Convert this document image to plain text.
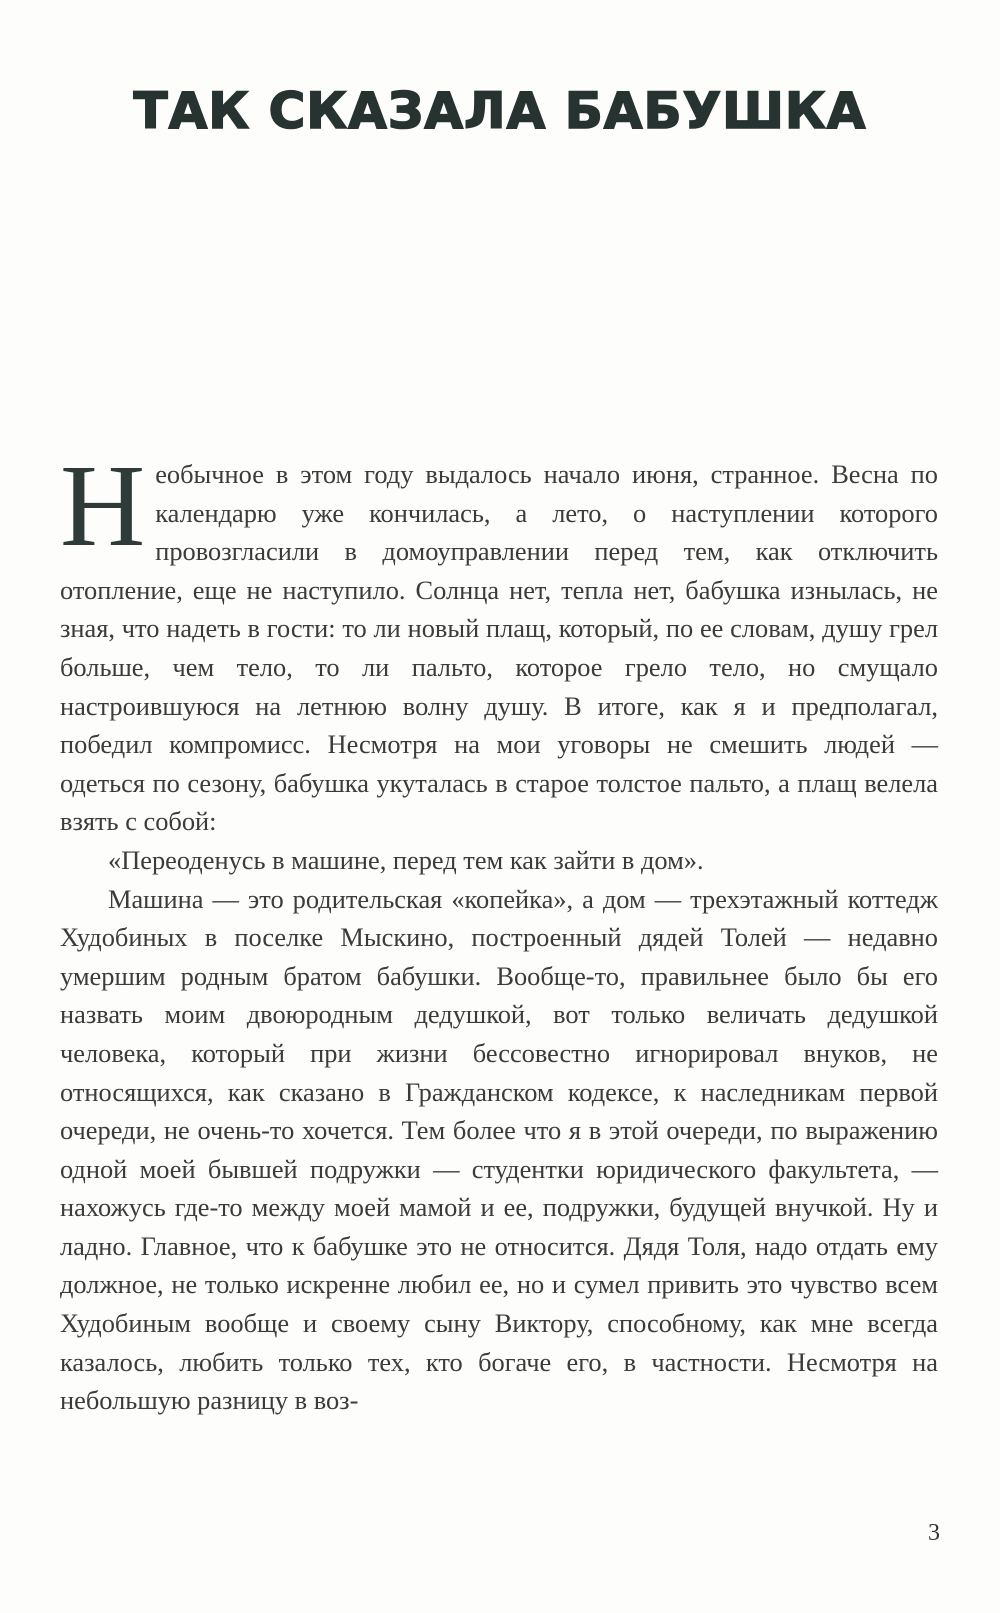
ТАК СКАЗАЛА БАБУШКА

Необычное в этом году выдалось начало июня, странное. Весна по календарю уже кончилась, а лето, о наступлении которого провозгласили в домоуправлении перед тем, как отключить отопление, еще не наступило. Солнца нет, тепла нет, бабушка изнылась, не зная, что надеть в гости: то ли новый плащ, который, по ее словам, душу грел больше, чем тело, то ли пальто, которое грело тело, но смущало настроившуюся на летнюю волну душу. В итоге, как я и предполагал, победил компромисс. Несмотря на мои уговоры не смешить людей — одеться по сезону, бабушка укуталась в старое толстое пальто, а плащ велела взять с собой:

«Переоденусь в машине, перед тем как зайти в дом».

Машина — это родительская «копейка», а дом — трехэтажный коттедж Худобиных в поселке Мыскино, построенный дядей Толей — недавно умершим родным братом бабушки. Вообще-то, правильнее было бы его назвать моим двоюродным дедушкой, вот только величать дедушкой человека, который при жизни бессовестно игнорировал внуков, не относящихся, как сказано в Гражданском кодексе, к наследникам первой очереди, не очень-то хочется. Тем более что я в этой очереди, по выражению одной моей бывшей подружки — студентки юридического факультета, — нахожусь где-то между моей мамой и ее, подружки, будущей внучкой. Ну и ладно. Главное, что к бабушке это не относится. Дядя Толя, надо отдать ему должное, не только искренне любил ее, но и сумел привить это чувство всем Худобиным вообще и своему сыну Виктору, способному, как мне всегда казалось, любить только тех, кто богаче его, в частности. Несмотря на небольшую разницу в воз-

3
